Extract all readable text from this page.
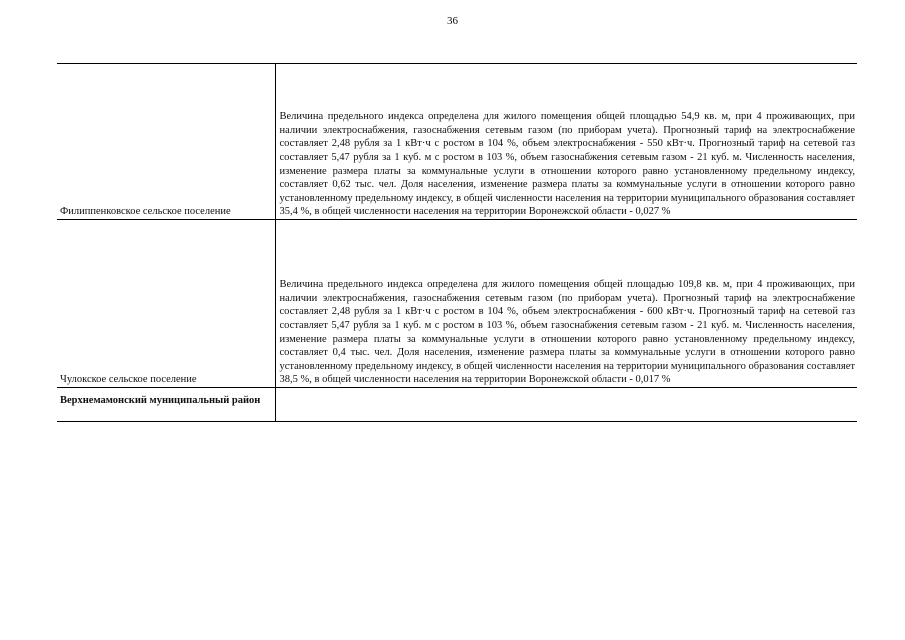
36
Филиппенковское сельское поселение	Величина предельного индекса определена для жилого помещения общей площадью 54,9 кв. м, при 4 проживающих, при наличии электроснабжения, газоснабжения сетевым газом (по приборам учета). Прогнозный тариф на электроснабжение составляет 2,48 рубля за 1 кВт·ч с ростом в 104 %, объем электроснабжения - 550 кВт·ч. Прогнозный тариф на сетевой газ составляет 5,47 рубля за 1 куб. м с ростом в 103 %, объем газоснабжения сетевым газом - 21 куб. м. Численность населения, изменение размера платы за коммунальные услуги в отношении которого равно установленному предельному индексу, составляет 0,62 тыс. чел. Доля населения, изменение размера платы за коммунальные услуги в отношении которого равно установленному предельному индексу, в общей численности населения на территории муниципального образования составляет 35,4 %, в общей численности населения на территории Воронежской области - 0,027 %
Чулокское сельское поселение	Величина предельного индекса определена для жилого помещения общей площадью 109,8 кв. м, при 4 проживающих, при наличии электроснабжения, газоснабжения сетевым газом (по приборам учета). Прогнозный тариф на электроснабжение составляет 2,48 рубля за 1 кВт·ч с ростом в 104 %, объем электроснабжения - 600 кВт·ч. Прогнозный тариф на сетевой газ составляет 5,47 рубля за 1 куб. м с ростом в 103 %, объем газоснабжения сетевым газом - 21 куб. м. Численность населения, изменение размера платы за коммунальные услуги в отношении которого равно установленному предельному индексу, составляет 0,4 тыс. чел. Доля населения, изменение размера платы за коммунальные услуги в отношении которого равно установленному предельному индексу, в общей численности населения на территории муниципального образования составляет 38,5 %, в общей численности населения на территории Воронежской области - 0,017 %
Верхнемамонский муниципальный район	
